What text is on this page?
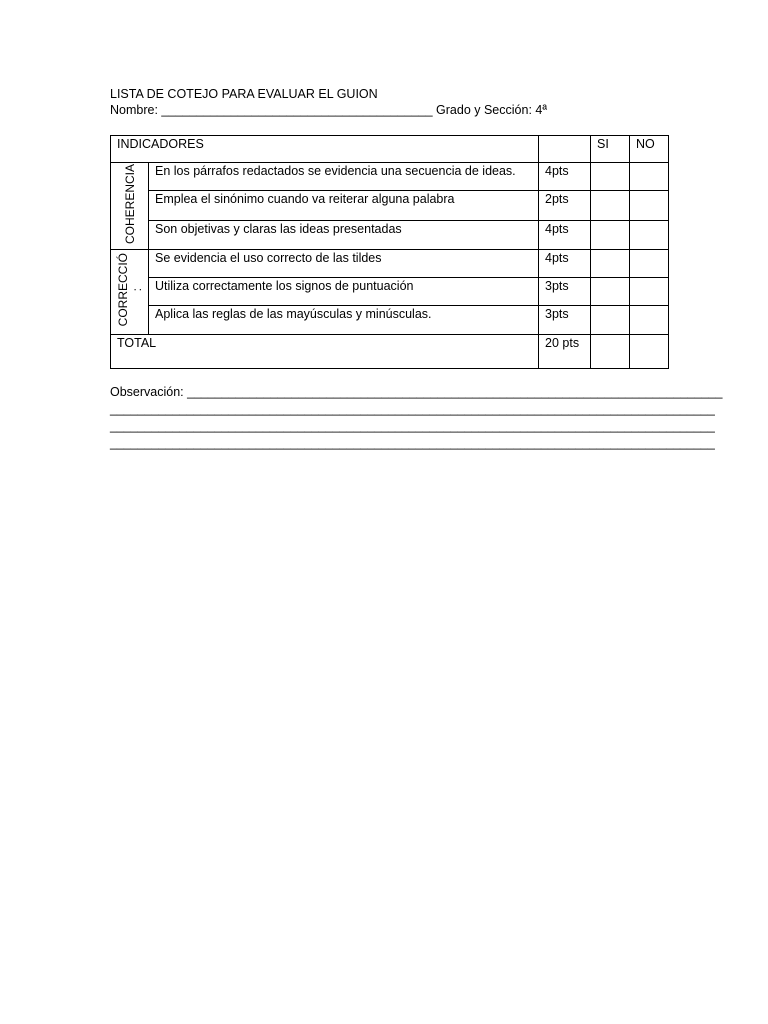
LISTA DE COTEJO PARA EVALUAR EL GUION
Nombre: _______________________________________ Grado y Sección: 4ª
INDICADORES			SI	NO
COHERENCIA	En los párrafos redactados se evidencia una secuencia de ideas.	4pts		
	Emplea el sinónimo cuando va reiterar alguna palabra	2pts		
	Son objetivas y claras las ideas presentadas	4pts		
CORRECCIÓ
:	Se evidencia el uso correcto de las tildes	4pts		
	Utiliza correctamente los signos de puntuación	3pts		
	Aplica las reglas de las mayúsculas y minúsculas.	3pts		
TOTAL		20 pts		
Observación: _____________________________________________________________________________
_______________________________________________________________________________________
_______________________________________________________________________________________
_______________________________________________________________________________________
